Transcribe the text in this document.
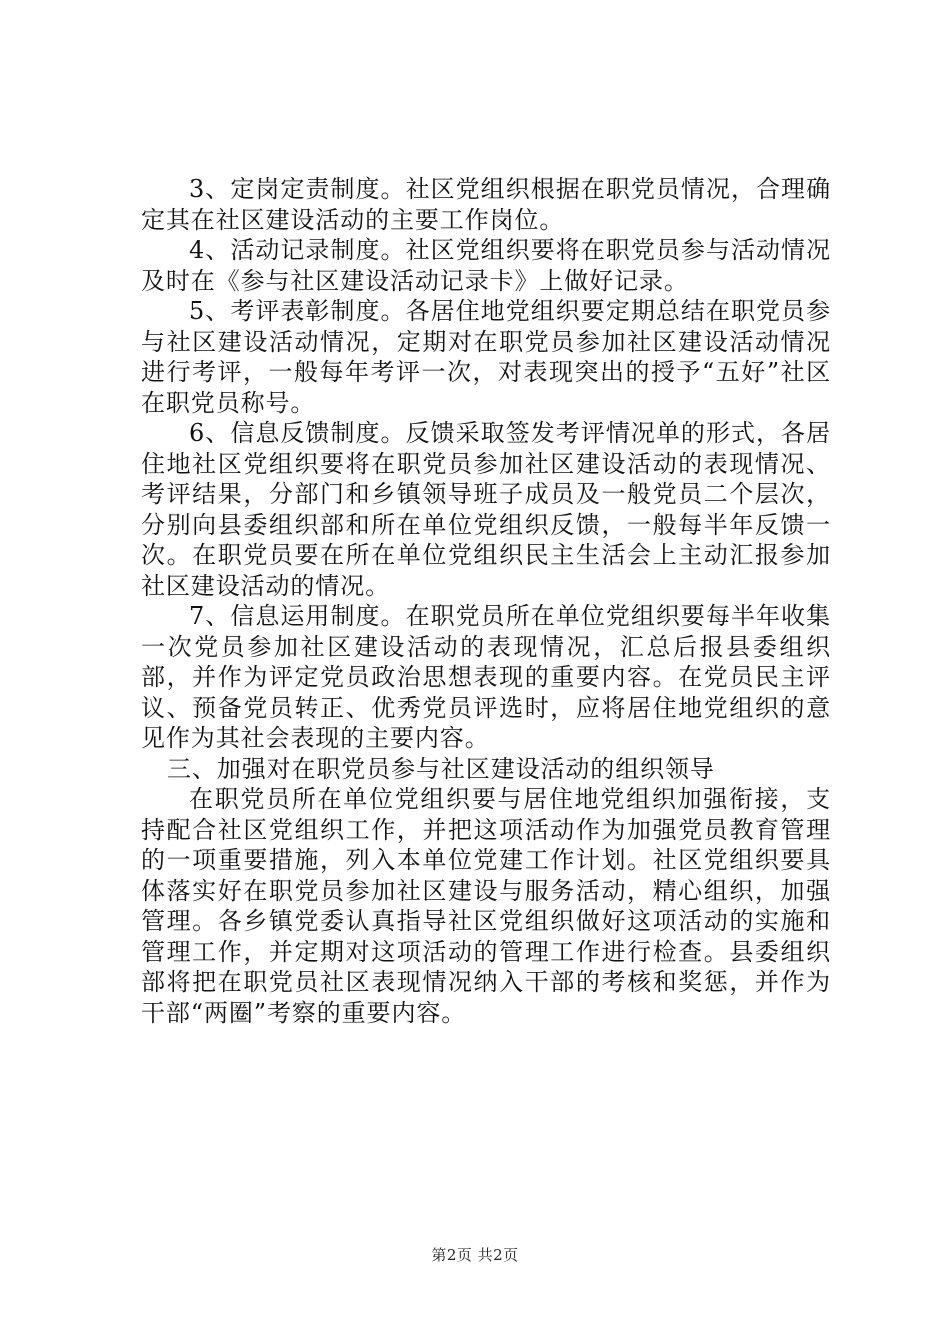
3、定岗定责制度。社区党组织根据在职党员情况，合理确定其在社区建设活动的主要工作岗位。

4、活动记录制度。社区党组织要将在职党员参与活动情况及时在《参与社区建设活动记录卡》上做好记录。

5、考评表彰制度。各居住地党组织要定期总结在职党员参与社区建设活动情况，定期对在职党员参加社区建设活动情况进行考评，一般每年考评一次，对表现突出的授予“五好”社区在职党员称号。

6、信息反馈制度。反馈采取签发考评情况单的形式，各居住地社区党组织要将在职党员参加社区建设活动的表现情况、考评结果，分部门和乡镇领导班子成员及一般党员二个层次，分别向县委组织部和所在单位党组织反馈，一般每半年反馈一次。在职党员要在所在单位党组织民主生活会上主动汇报参加社区建设活动的情况。

7、信息运用制度。在职党员所在单位党组织要每半年收集一次党员参加社区建设活动的表现情况，汇总后报县委组织部，并作为评定党员政治思想表现的重要内容。在党员民主评议、预备党员转正、优秀党员评选时，应将居住地党组织的意见作为其社会表现的主要内容。

三、加强对在职党员参与社区建设活动的组织领导

在职党员所在单位党组织要与居住地党组织加强衔接，支持配合社区党组织工作，并把这项活动作为加强党员教育管理的一项重要措施，列入本单位党建工作计划。社区党组织要具体落实好在职党员参加社区建设与服务活动，精心组织，加强管理。各乡镇党委认真指导社区党组织做好这项活动的实施和管理工作，并定期对这项活动的管理工作进行检查。县委组织部将把在职党员社区表现情况纳入干部的考核和奖惩，并作为干部“两圈”考察的重要内容。

第2页 共2页
